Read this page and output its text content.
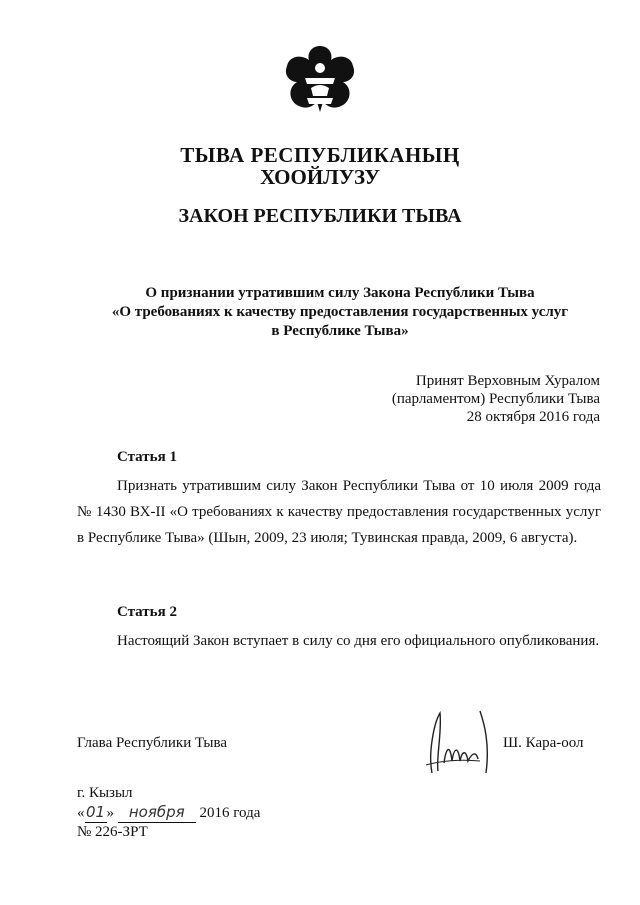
ТЫВА РЕСПУБЛИКАНЫҢ
ХООЙЛУЗУ
ЗАКОН РЕСПУБЛИКИ ТЫВА
О признании утратившим силу Закона Республики Тыва
«О требованиях к качеству предоставления государственных услуг
в Республике Тыва»
Принят Верховным Хуралом
(парламентом) Республики Тыва
28 октября 2016 года
Статья 1
Признать утратившим силу Закон Республики Тыва от 10 июля 2009 года № 1430 ВХ-II «О требованиях к качеству предоставления государственных услуг в Республике Тыва» (Шын, 2009, 23 июля; Тувинская правда, 2009, 6 августа).
Статья 2
Настоящий Закон вступает в силу со дня его официального опубликования.
Глава Республики Тыва	Ш. Кара-оол
г. Кызыл
«01» ноября 2016 года
№ 226-ЗРТ
